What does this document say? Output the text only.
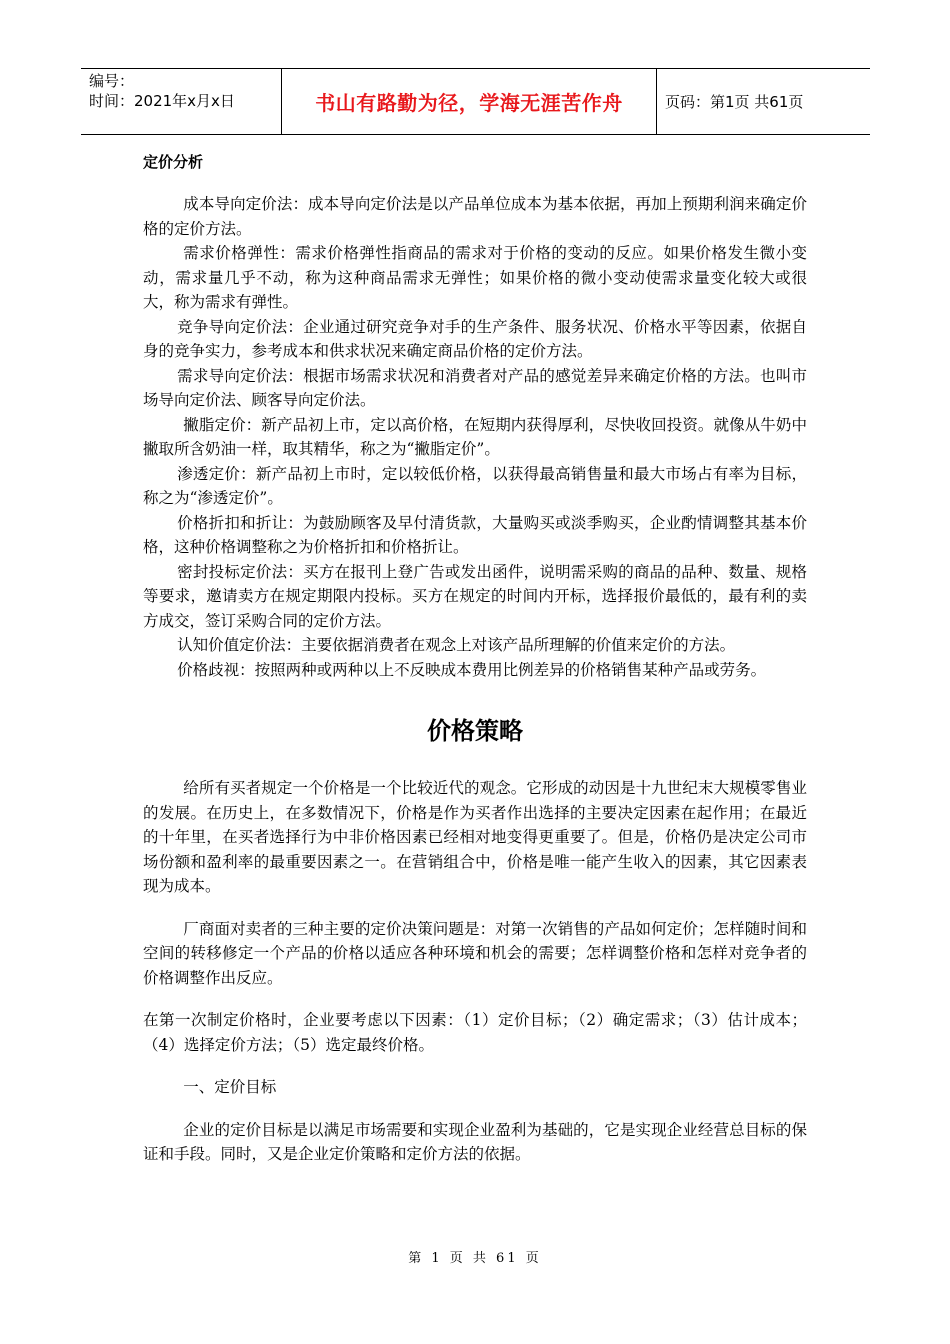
编号：
时间：2021年x月x日	书山有路勤为径，学海无涯苦作舟	页码：第1页 共61页
定价分析

成本导向定价法：成本导向定价法是以产品单位成本为基本依据，再加上预期利润来确定价格的定价方法。

需求价格弹性：需求价格弹性指商品的需求对于价格的变动的反应。如果价格发生微小变动，需求量几乎不动，称为这种商品需求无弹性；如果价格的微小变动使需求量变化较大或很大，称为需求有弹性。

竞争导向定价法：企业通过研究竞争对手的生产条件、服务状况、价格水平等因素，依据自身的竞争实力，参考成本和供求状况来确定商品价格的定价方法。

需求导向定价法：根据市场需求状况和消费者对产品的感觉差异来确定价格的方法。也叫市场导向定价法、顾客导向定价法。

撇脂定价：新产品初上市，定以高价格，在短期内获得厚利，尽快收回投资。就像从牛奶中撇取所含奶油一样，取其精华，称之为“撇脂定价”。

渗透定价：新产品初上市时，定以较低价格，以获得最高销售量和最大市场占有率为目标，称之为“渗透定价”。

价格折扣和折让：为鼓励顾客及早付清货款，大量购买或淡季购买，企业酌情调整其基本价格，这种价格调整称之为价格折扣和价格折让。

密封投标定价法：买方在报刊上登广告或发出函件，说明需采购的商品的品种、数量、规格等要求，邀请卖方在规定期限内投标。买方在规定的时间内开标，选择报价最低的，最有利的卖方成交，签订采购合同的定价方法。

认知价值定价法：主要依据消费者在观念上对该产品所理解的价值来定价的方法。

价格歧视：按照两种或两种以上不反映成本费用比例差异的价格销售某种产品或劳务。

价格策略

给所有买者规定一个价格是一个比较近代的观念。它形成的动因是十九世纪末大规模零售业的发展。在历史上，在多数情况下，价格是作为买者作出选择的主要决定因素在起作用；在最近的十年里，在买者选择行为中非价格因素已经相对地变得更重要了。但是，价格仍是决定公司市场份额和盈利率的最重要因素之一。在营销组合中，价格是唯一能产生收入的因素，其它因素表现为成本。

厂商面对卖者的三种主要的定价决策问题是：对第一次销售的产品如何定价；怎样随时间和空间的转移修定一个产品的价格以适应各种环境和机会的需要；怎样调整价格和怎样对竞争者的价格调整作出反应。

在第一次制定价格时，企业要考虑以下因素：（1）定价目标；（2）确定需求；（3）估计成本；（4）选择定价方法；（5）选定最终价格。

一、定价目标

企业的定价目标是以满足市场需要和实现企业盈利为基础的，它是实现企业经营总目标的保证和手段。同时，又是企业定价策略和定价方法的依据。

第 1 页 共 61 页
